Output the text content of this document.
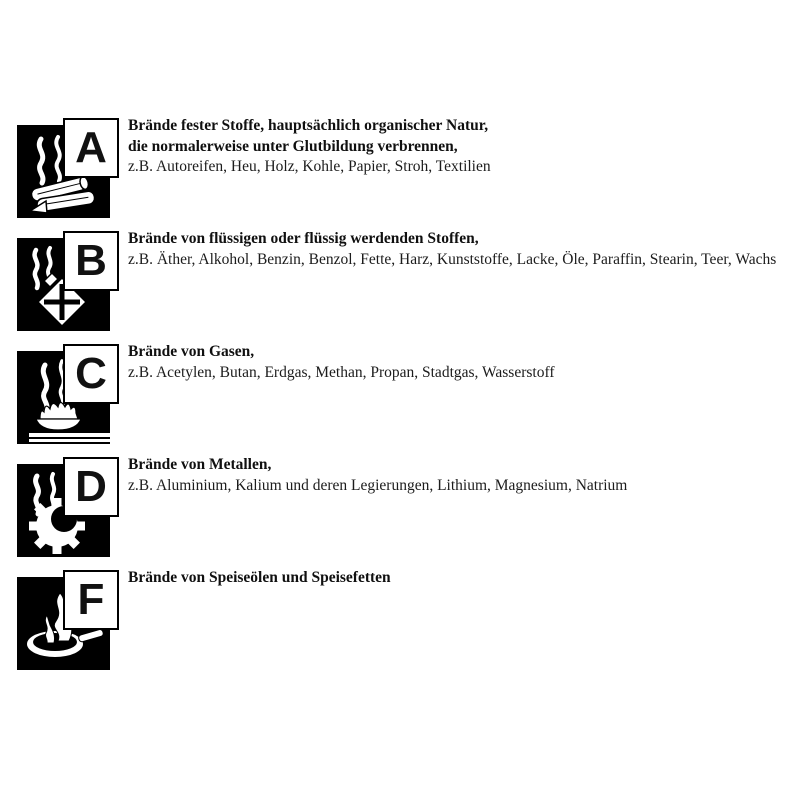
A Brände fester Stoffe, hauptsächlich organischer Natur,
die normalerweise unter Glutbildung verbrennen,
z.B. Autoreifen, Heu, Holz, Kohle, Papier, Stroh, Textilien
B Brände von flüssigen oder flüssig werdenden Stoffen,
z.B. Äther, Alkohol, Benzin, Benzol, Fette, Harz, Kunststoffe, Lacke, Öle, Paraffin, Stearin, Teer, Wachs
C Brände von Gasen,
z.B. Acetylen, Butan, Erdgas, Methan, Propan, Stadtgas, Wasserstoff
D Brände von Metallen,
z.B. Aluminium, Kalium und deren Legierungen, Lithium, Magnesium, Natrium
F Brände von Speiseölen und Speisefetten
